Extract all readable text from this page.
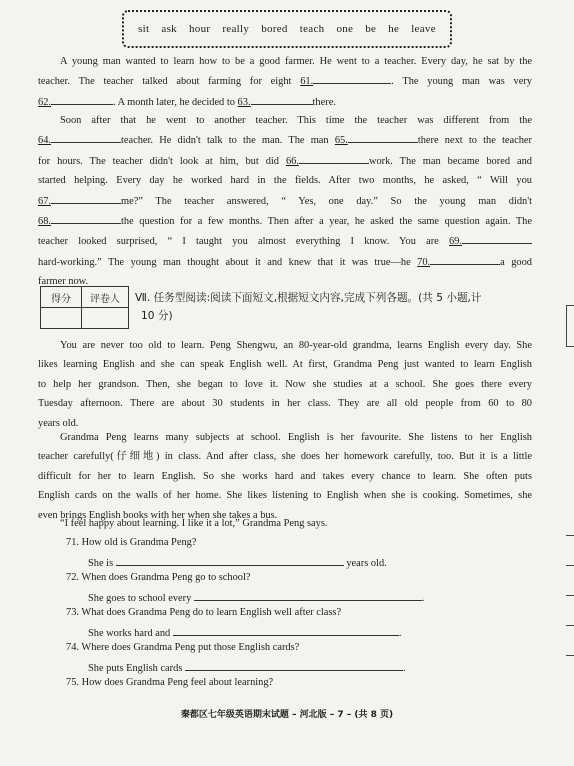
sit ask hour really bored teach one be he leave
A young man wanted to learn how to be a good farmer. He went to a teacher. Every day, he sat by the
teacher. The teacher talked about farming for eight 61.	. The young man was very
62.	. A month later, he decided to 63.	there.
Soon after that he went to another teacher. This time the teacher was different from the
64.	teacher. He didn't talk to the man. The man 65.	there next to the teacher
for hours. The teacher didn't look at him, but did 66.	work. The man became bored and
started helping. Every day he worked hard in the fields. After two months, he asked, “ Will you
67.	me?” The teacher answered, “ Yes, one day.” So the young man didn't
68.	the question for a few months. Then after a year, he asked the same question again. The
teacher looked surprised, “ I taught you almost everything I know. You are 69.
hard-working.” The young man thought about it and knew that it was true—he 70.	a good
farmer now.
得分	评卷人
	Ⅶ. 任务型阅读:阅读下面短文,根据短文内容,完成下列各题。(共 5 小题,计
10 分)
You are never too old to learn. Peng Shengwu, an 80-year-old grandma, learns English every day. She
likes learning English and she can speak English well. At first, Grandma Peng just wanted to learn English
to help her grandson. Then, she began to love it. Now she studies at a school. She goes there every
Tuesday afternoon. There are about 30 students in her class. They are all old people from 60 to 80
years old.
Grandma Peng learns many subjects at school. English is her favourite. She listens to her English
teacher carefully(仔细地) in class. And after class, she does her homework carefully, too. But it is a little
difficult for her to learn English. So she works hard and takes every chance to learn. She often puts
English cards on the walls of her home. She likes listening to English when she is cooking. Sometimes, she
even brings English books with her when she takes a bus.
“I feel happy about learning. I like it a lot,” Grandma Peng says.
71. How old is Grandma Peng?
She is	years old.
72. When does Grandma Peng go to school?
She goes to school every	.
73. What does Grandma Peng do to learn English well after class?
She works hard and	.
74. Where does Grandma Peng put those English cards?
She puts English cards	.
75. How does Grandma Peng feel about learning?
秦都区七年级英语期末试题 – 河北版 – 7 – (共 8 页)
